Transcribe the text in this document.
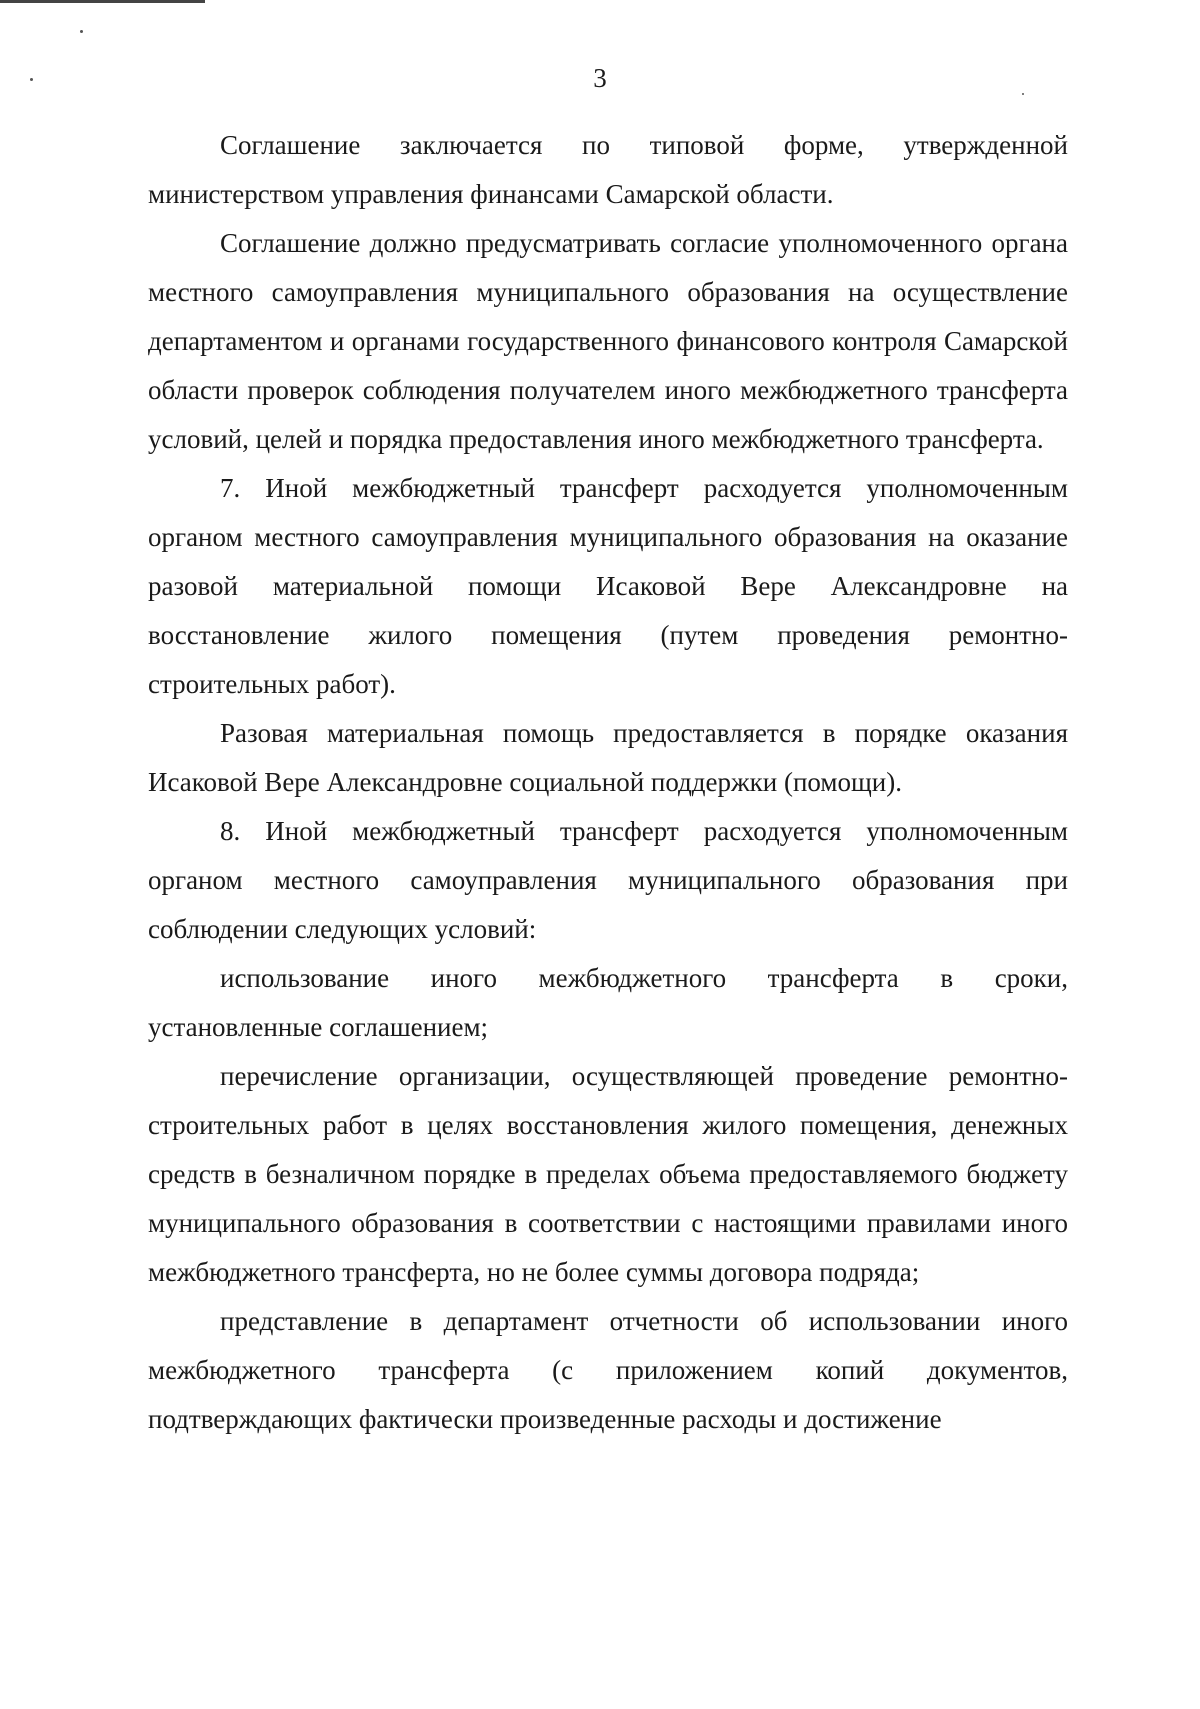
3

Соглашение заключается по типовой форме, утвержденной министерством управления финансами Самарской области.

Соглашение должно предусматривать согласие уполномоченного органа местного самоуправления муниципального образования на осуществление департаментом и органами государственного финансового контроля Самарской области проверок соблюдения получателем иного межбюджетного трансферта условий, целей и порядка предоставления иного межбюджетного трансферта.

7. Иной межбюджетный трансферт расходуется уполномоченным органом местного самоуправления муниципального образования на оказание разовой материальной помощи Исаковой Вере Александровне на восстановление жилого помещения (путем проведения ремонтно-строительных работ).

Разовая материальная помощь предоставляется в порядке оказания Исаковой Вере Александровне социальной поддержки (помощи).

8. Иной межбюджетный трансферт расходуется уполномоченным органом местного самоуправления муниципального образования при соблюдении следующих условий:

использование иного межбюджетного трансферта в сроки, установленные соглашением;

перечисление организации, осуществляющей проведение ремонтно-строительных работ в целях восстановления жилого помещения, денежных средств в безналичном порядке в пределах объема предоставляемого бюджету муниципального образования в соответствии с настоящими правилами иного межбюджетного трансферта, но не более суммы договора подряда;

представление в департамент отчетности об использовании иного межбюджетного трансферта (с приложением копий документов, подтверждающих фактически произведенные расходы и достижение
